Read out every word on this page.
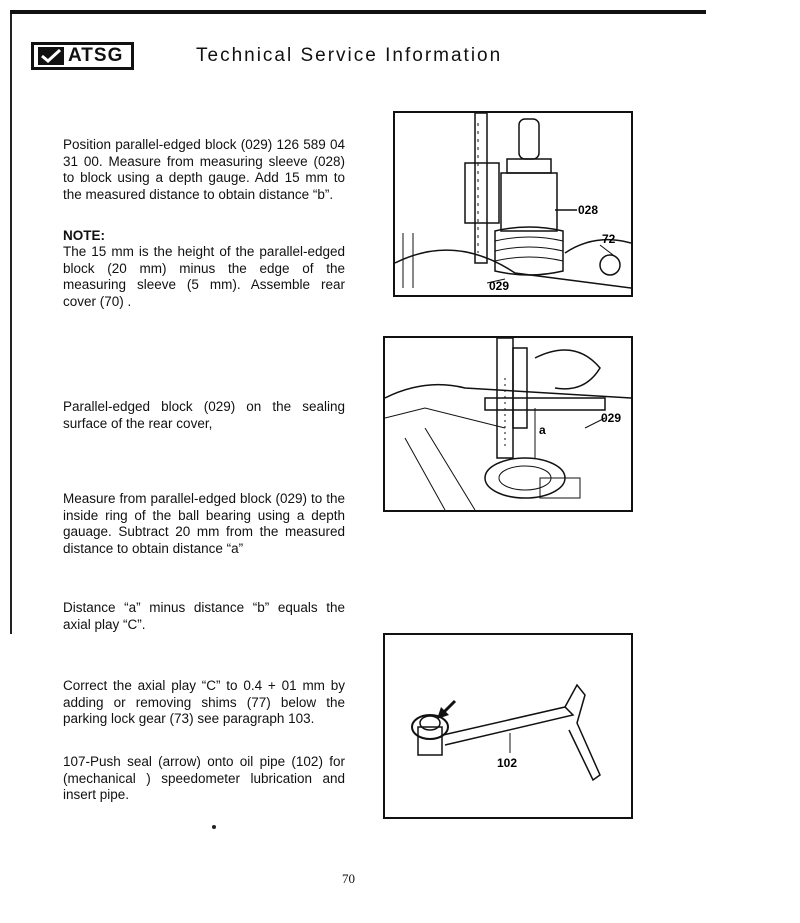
ATSG	Technical Service Information
Position parallel-edged block (029) 126 589 04 31 00. Measure from measuring sleeve (028) to block using a depth gauge. Add 15 mm to the measured distance to obtain distance “b”.
NOTE:
The 15 mm is the height of the parallel-edged block (20 mm) minus the edge of the measuring sleeve (5 mm). Assemble rear cover (70) .
Parallel-edged block (029) on the sealing surface of the rear cover,
Measure from parallel-edged block (029) to the inside ring of the ball bearing using a depth gauage. Subtract 20 mm from the measured distance to obtain distance “a”
Distance “a” minus distance “b” equals the axial play “C”.
Correct the axial play “C” to 0.4 + 01 mm by adding or removing shims (77) below the parking lock gear (73) see paragraph 103.
107-Push seal (arrow) onto oil pipe (102) for (mechanical ) speedometer lubrication and insert pipe.
028
72
029
a
029
102
70
